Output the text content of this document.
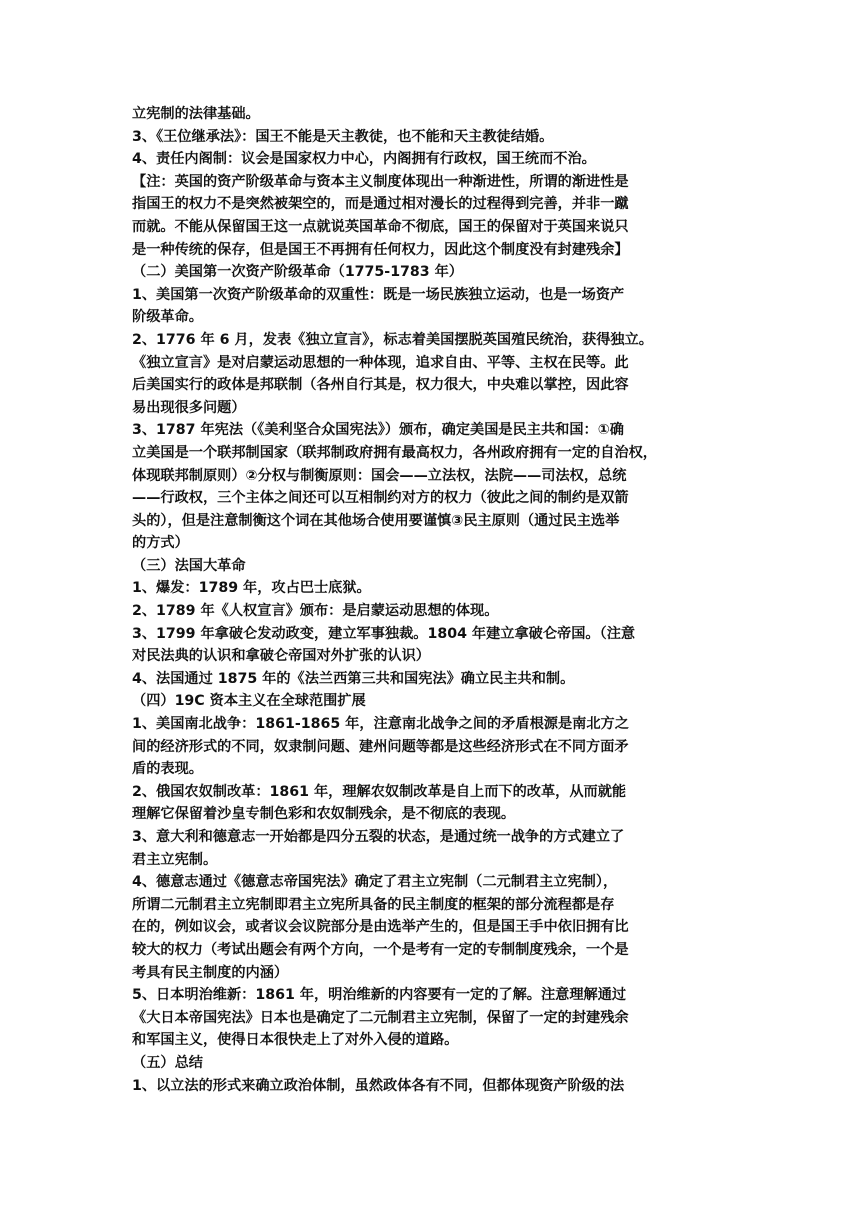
立宪制的法律基础。
3、《王位继承法》：国王不能是天主教徒，也不能和天主教徒结婚。
4、责任内阁制：议会是国家权力中心，内阁拥有行政权，国王统而不治。
【注：英国的资产阶级革命与资本主义制度体现出一种渐进性，所谓的渐进性是
指国王的权力不是突然被架空的，而是通过相对漫长的过程得到完善，并非一蹴
而就。不能从保留国王这一点就说英国革命不彻底，国王的保留对于英国来说只
是一种传统的保存，但是国王不再拥有任何权力，因此这个制度没有封建残余】
（二）美国第一次资产阶级革命（1775-1783 年）
1、美国第一次资产阶级革命的双重性：既是一场民族独立运动，也是一场资产
阶级革命。
2、1776 年 6 月，发表《独立宣言》，标志着美国摆脱英国殖民统治，获得独立。
《独立宣言》是对启蒙运动思想的一种体现，追求自由、平等、主权在民等。此
后美国实行的政体是邦联制（各州自行其是，权力很大，中央难以掌控，因此容
易出现很多问题）
3、1787 年宪法（《美利坚合众国宪法》）颁布，确定美国是民主共和国：①确
立美国是一个联邦制国家（联邦制政府拥有最高权力，各州政府拥有一定的自治权，
体现联邦制原则）②分权与制衡原则：国会——立法权，法院——司法权，总统
——行政权，三个主体之间还可以互相制约对方的权力（彼此之间的制约是双箭
头的），但是注意制衡这个词在其他场合使用要谨慎③民主原则（通过民主选举
的方式）
（三）法国大革命
1、爆发：1789 年，攻占巴士底狱。
2、1789 年《人权宣言》颁布：是启蒙运动思想的体现。
3、1799 年拿破仑发动政变，建立军事独裁。1804 年建立拿破仑帝国。（注意
对民法典的认识和拿破仑帝国对外扩张的认识）
4、法国通过 1875 年的《法兰西第三共和国宪法》确立民主共和制。
（四）19C 资本主义在全球范围扩展
1、美国南北战争：1861-1865 年，注意南北战争之间的矛盾根源是南北方之
间的经济形式的不同，奴隶制问题、建州问题等都是这些经济形式在不同方面矛
盾的表现。
2、俄国农奴制改革：1861 年，理解农奴制改革是自上而下的改革，从而就能
理解它保留着沙皇专制色彩和农奴制残余，是不彻底的表现。
3、意大利和德意志一开始都是四分五裂的状态，是通过统一战争的方式建立了
君主立宪制。
4、德意志通过《德意志帝国宪法》确定了君主立宪制（二元制君主立宪制），
所谓二元制君主立宪制即君主立宪所具备的民主制度的框架的部分流程都是存
在的，例如议会，或者议会议院部分是由选举产生的，但是国王手中依旧拥有比
较大的权力（考试出题会有两个方向，一个是考有一定的专制制度残余，一个是
考具有民主制度的内涵）
5、日本明治维新：1861 年，明治维新的内容要有一定的了解。注意理解通过
《大日本帝国宪法》日本也是确定了二元制君主立宪制，保留了一定的封建残余
和军国主义，使得日本很快走上了对外入侵的道路。
（五）总结
1、以立法的形式来确立政治体制，虽然政体各有不同，但都体现资产阶级的法
